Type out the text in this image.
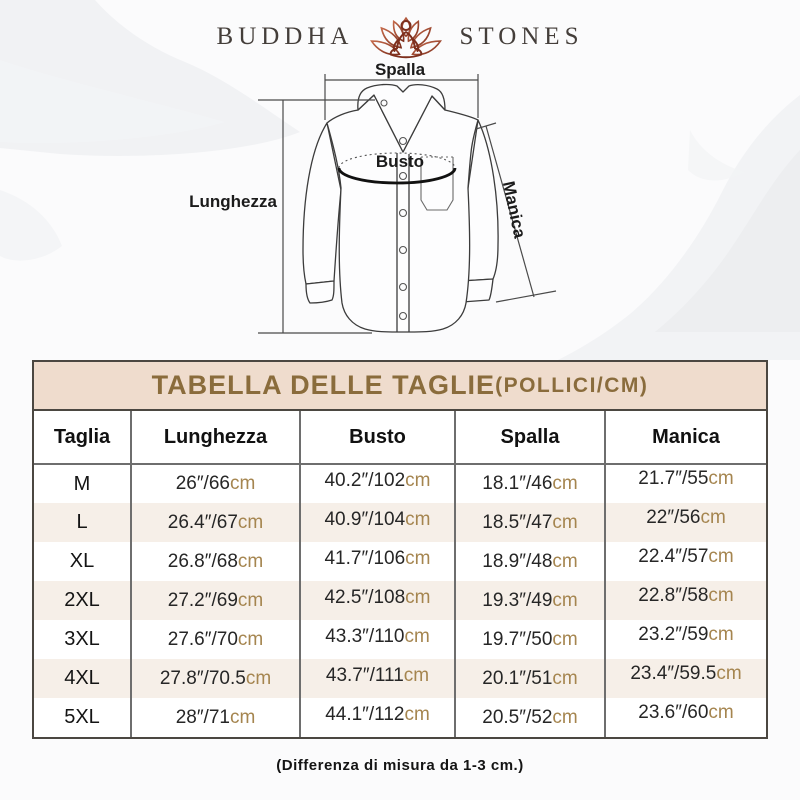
BUDDHA	STONES
Spalla
Lunghezza
Busto
Manica
TABELLA DELLE TAGLIE (POLLICI/CM)
Taglia	Lunghezza	Busto	Spalla	Manica
M	26″/66cm	40.2″/102cm	18.1″/46cm	21.7″/55cm
L	26.4″/67cm	40.9″/104cm	18.5″/47cm	22″/56cm
XL	26.8″/68cm	41.7″/106cm	18.9″/48cm	22.4″/57cm
2XL	27.2″/69cm	42.5″/108cm	19.3″/49cm	22.8″/58cm
3XL	27.6″/70cm	43.3″/110cm	19.7″/50cm	23.2″/59cm
4XL	27.8″/70.5cm	43.7″/111cm	20.1″/51cm	23.4″/59.5cm
5XL	28″/71cm	44.1″/112cm	20.5″/52cm	23.6″/60cm
(Differenza di misura da 1-3 cm.)
